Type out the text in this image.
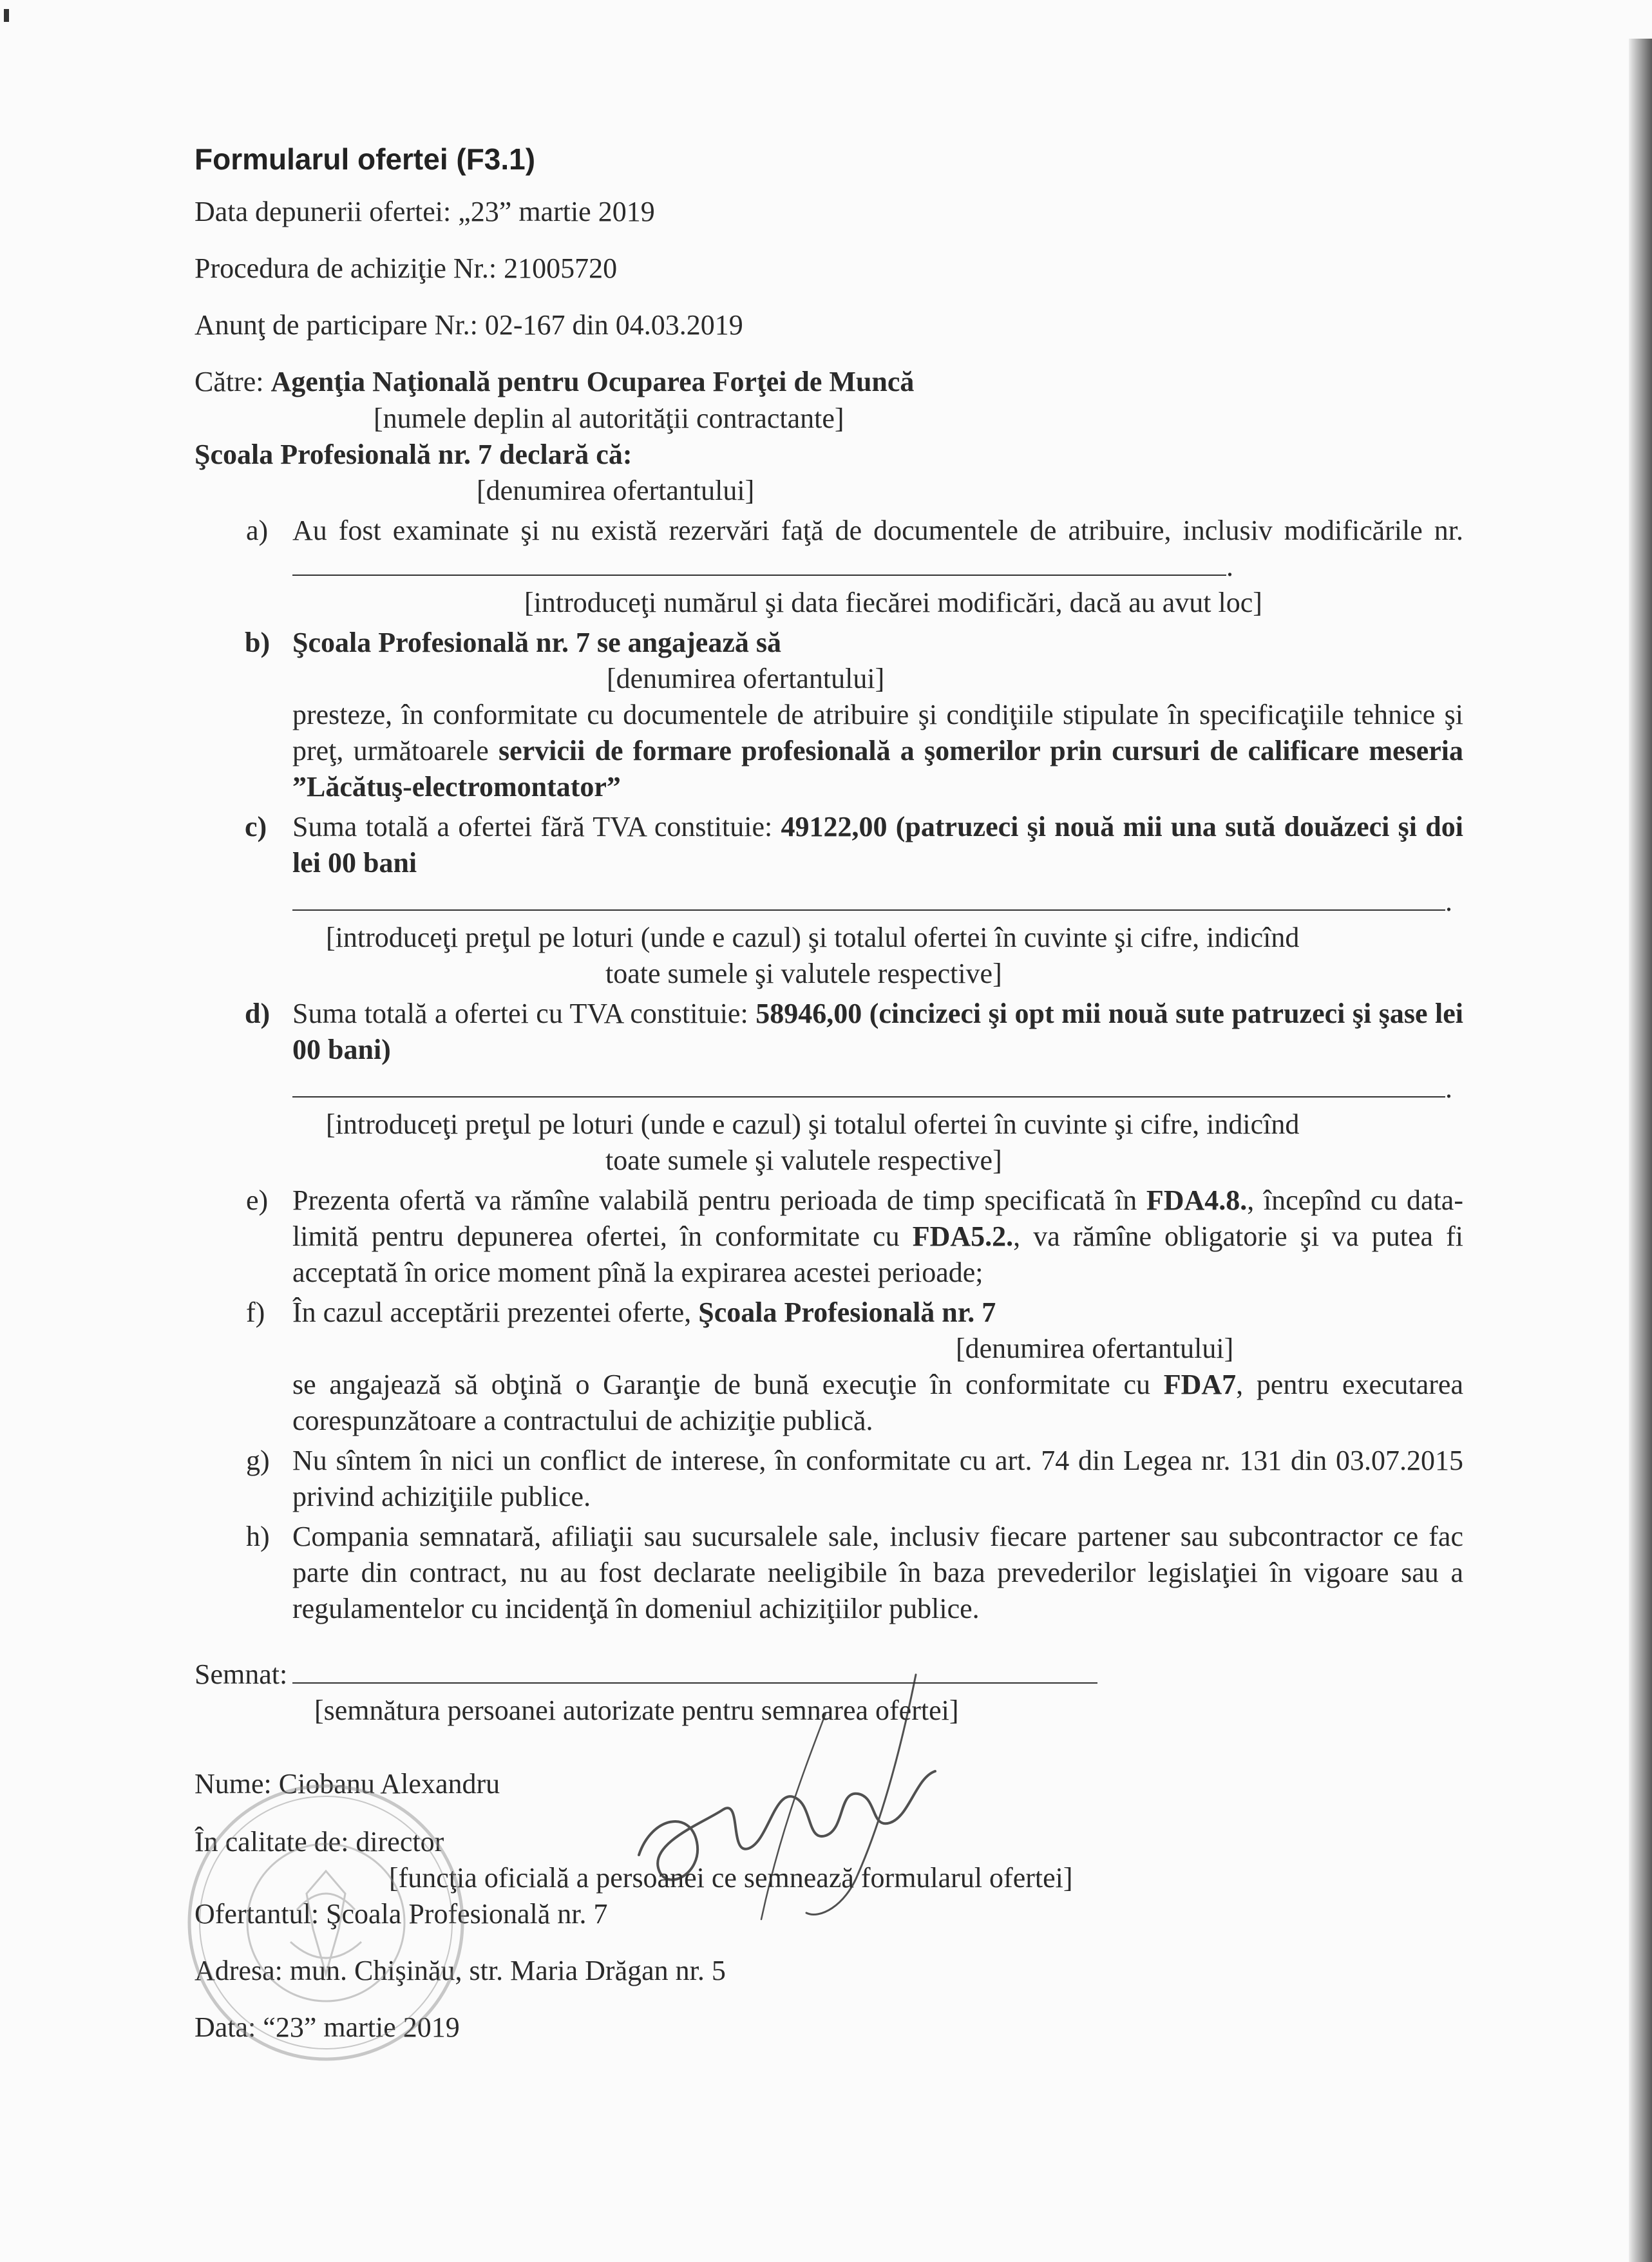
Formularul ofertei (F3.1)
Data depunerii ofertei: „23” martie 2019
Procedura de achiziţie Nr.: 21005720
Anunţ de participare Nr.: 02-167 din 04.03.2019
Către: Agenţia Naţională pentru Ocuparea Forţei de Muncă
[numele deplin al autorităţii contractante]
Şcoala Profesională nr. 7 declară că:
[denumirea ofertantului]
a) Au fost examinate şi nu există rezervări faţă de documentele de atribuire, inclusiv modificările nr. .
[introduceţi numărul şi data fiecărei modificări, dacă au avut loc]
b) Şcoala Profesională nr. 7 se angajează să
[denumirea ofertantului]
presteze, în conformitate cu documentele de atribuire şi condiţiile stipulate în specificaţiile tehnice şi preţ, următoarele servicii de formare profesională a şomerilor prin cursuri de calificare meseria ”Lăcătuş-electromontator”
c) Suma totală a ofertei fără TVA constituie: 49122,00 (patruzeci şi nouă mii una sută douăzeci şi doi lei 00 bani
.
[introduceţi preţul pe loturi (unde e cazul) şi totalul ofertei în cuvinte şi cifre, indicînd
toate sumele şi valutele respective]
d) Suma totală a ofertei cu TVA constituie: 58946,00 (cincizeci şi opt mii nouă sute patruzeci şi şase lei 00 bani)
.
[introduceţi preţul pe loturi (unde e cazul) şi totalul ofertei în cuvinte şi cifre, indicînd
toate sumele şi valutele respective]
e) Prezenta ofertă va rămîne valabilă pentru perioada de timp specificată în FDA4.8., începînd cu data-limită pentru depunerea ofertei, în conformitate cu FDA5.2., va rămîne obligatorie şi va putea fi acceptată în orice moment pînă la expirarea acestei perioade;
f) În cazul acceptării prezentei oferte, Şcoala Profesională nr. 7
[denumirea ofertantului]
se angajează să obţină o Garanţie de bună execuţie în conformitate cu FDA7, pentru executarea corespunzătoare a contractului de achiziţie publică.
g) Nu sîntem în nici un conflict de interese, în conformitate cu art. 74 din Legea nr. 131 din 03.07.2015 privind achiziţiile publice.
h) Compania semnatară, afiliaţii sau sucursalele sale, inclusiv fiecare partener sau subcontractor ce fac parte din contract, nu au fost declarate neeligibile în baza prevederilor legislaţiei în vigoare sau a regulamentelor cu incidenţă în domeniul achiziţiilor publice.
Semnat:
[semnătura persoanei autorizate pentru semnarea ofertei]
Nume: Ciobanu Alexandru
În calitate de: director
[funcţia oficială a persoanei ce semnează formularul ofertei]
Ofertantul: Şcoala Profesională nr. 7
Adresa: mun. Chişinău, str. Maria Drăgan nr. 5
Data: “23” martie 2019
